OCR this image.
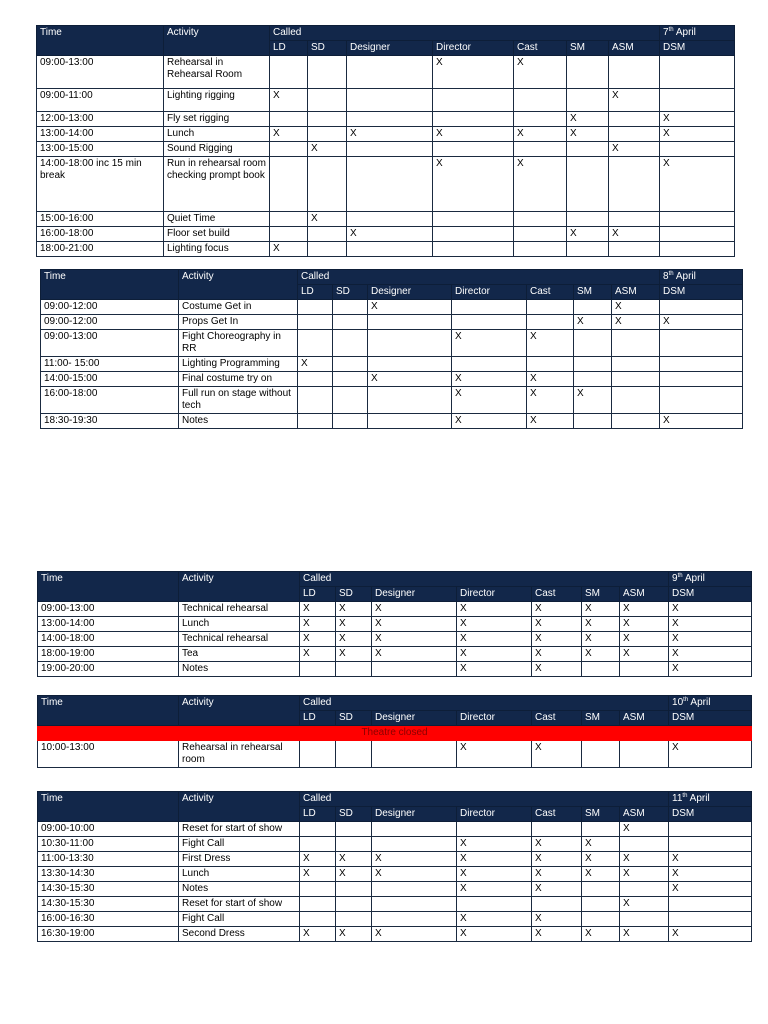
Time	Activity	Called							7th April
		LD	SD	Designer	Director	Cast	SM	ASM	DSM
09:00-13:00	Rehearsal in Rehearsal Room				X	X			
09:00-11:00	Lighting rigging	X						X	
12:00-13:00	Fly set rigging						X		X
13:00-14:00	Lunch	X		X	X	X	X		X
13:00-15:00	Sound Rigging		X					X	
14:00-18:00 inc 15 min break	Run in rehearsal room checking prompt book				X	X			X
15:00-16:00	Quiet Time		X						
16:00-18:00	Floor set build			X			X	X	
18:00-21:00	Lighting focus	X							
Time	Activity	Called							8th April
		LD	SD	Designer	Director	Cast	SM	ASM	DSM
09:00-12:00	Costume Get in			X				X	
09:00-12:00	Props Get In						X	X	X
09:00-13:00	Fight Choreography in RR				X	X			
11:00- 15:00	Lighting Programming	X							
14:00-15:00	Final costume try on			X	X	X			
16:00-18:00	Full run on stage without tech				X	X	X		
18:30-19:30	Notes				X	X			X
Time	Activity	Called							9th April
		LD	SD	Designer	Director	Cast	SM	ASM	DSM
09:00-13:00	Technical rehearsal	X	X	X	X	X	X	X	X
13:00-14:00	Lunch	X	X	X	X	X	X	X	X
14:00-18:00	Technical rehearsal	X	X	X	X	X	X	X	X
18:00-19:00	Tea	X	X	X	X	X	X	X	X
19:00-20:00	Notes				X	X			X
Time	Activity	Called							10th April
		LD	SD	Designer	Director	Cast	SM	ASM	DSM
Theatre closed									
10:00-13:00	Rehearsal in rehearsal room				X	X			X
Time	Activity	Called							11th April
		LD	SD	Designer	Director	Cast	SM	ASM	DSM
09:00-10:00	Reset for start of show							X	
10:30-11:00	Fight Call				X	X	X		
11:00-13:30	First Dress	X	X	X	X	X	X	X	X
13:30-14:30	Lunch	X	X	X	X	X	X	X	X
14:30-15:30	Notes				X	X			X
14:30-15:30	Reset for start of show							X	
16:00-16:30	Fight Call				X	X			
16:30-19:00	Second Dress	X	X	X	X	X	X	X	X
